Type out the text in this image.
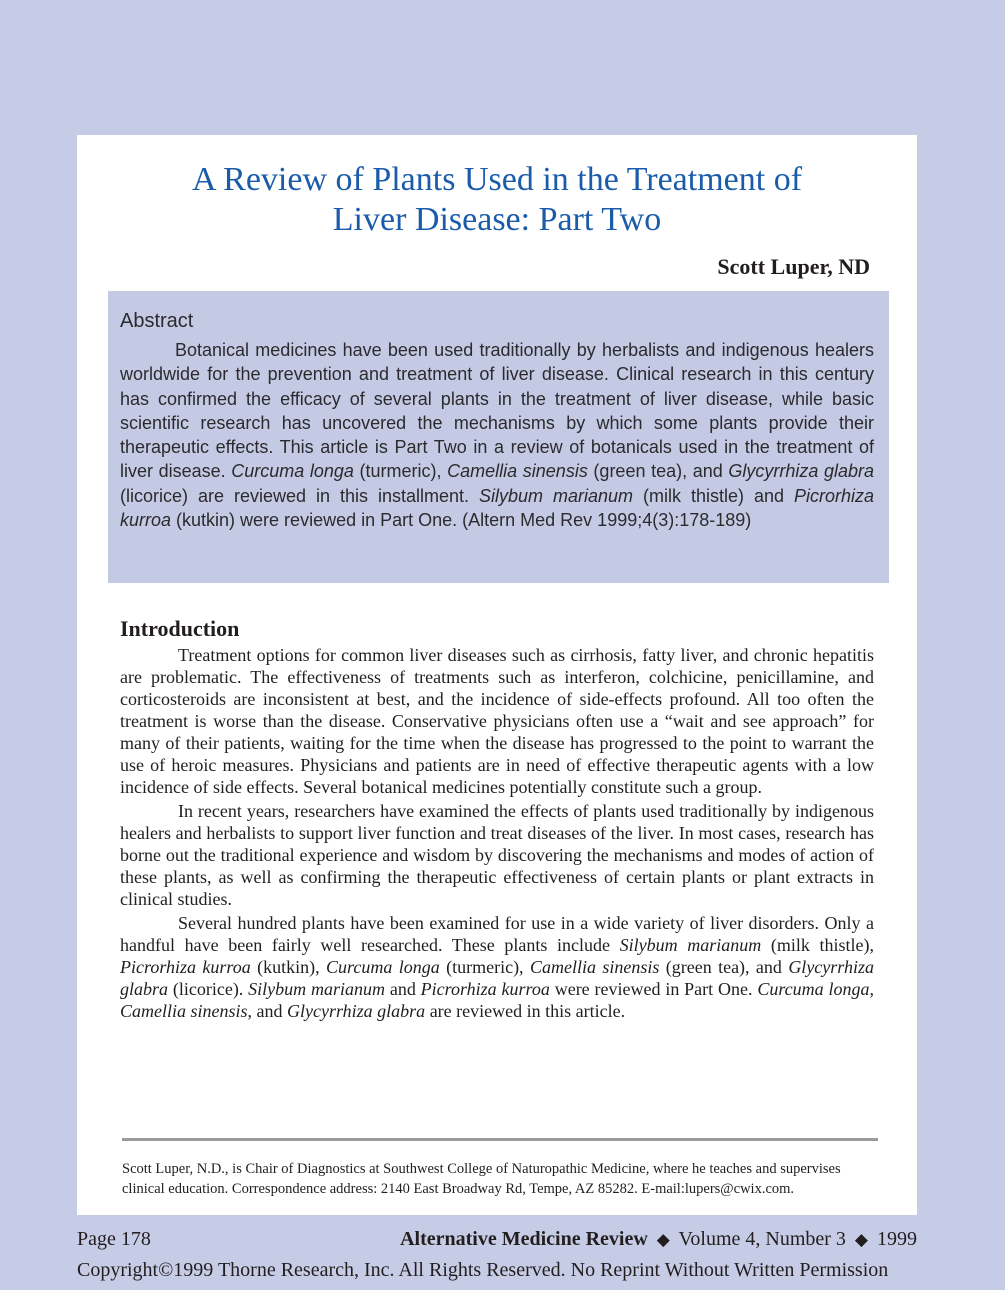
A Review of Plants Used in the Treatment of
Liver Disease: Part Two
Scott Luper, ND
Abstract

Botanical medicines have been used traditionally by herbalists and indigenous healers worldwide for the prevention and treatment of liver disease. Clinical research in this century has confirmed the efficacy of several plants in the treatment of liver disease, while basic scientific research has uncovered the mechanisms by which some plants provide their therapeutic effects. This article is Part Two in a review of botanicals used in the treatment of liver disease. Curcuma longa (turmeric), Camellia sinensis (green tea), and Glycyrrhiza glabra (licorice) are reviewed in this installment. Silybum marianum (milk thistle) and Picrorhiza kurroa (kutkin) were reviewed in Part One. (Altern Med Rev 1999;4(3):178-189)

Introduction

Treatment options for common liver diseases such as cirrhosis, fatty liver, and chronic hepatitis are problematic. The effectiveness of treatments such as interferon, colchicine, penicillamine, and corticosteroids are inconsistent at best, and the incidence of side-effects profound. All too often the treatment is worse than the disease. Conservative physicians often use a “wait and see approach” for many of their patients, waiting for the time when the disease has progressed to the point to warrant the use of heroic measures. Physicians and patients are in need of effective therapeutic agents with a low incidence of side effects. Several botanical medicines potentially constitute such a group.

In recent years, researchers have examined the effects of plants used traditionally by indigenous healers and herbalists to support liver function and treat diseases of the liver. In most cases, research has borne out the traditional experience and wisdom by discovering the mechanisms and modes of action of these plants, as well as confirming the therapeutic effectiveness of certain plants or plant extracts in clinical studies.

Several hundred plants have been examined for use in a wide variety of liver disorders. Only a handful have been fairly well researched. These plants include Silybum marianum (milk thistle), Picrorhiza kurroa (kutkin), Curcuma longa (turmeric), Camellia sinensis (green tea), and Glycyrrhiza glabra (licorice). Silybum marianum and Picrorhiza kurroa were reviewed in Part One. Curcuma longa, Camellia sinensis, and Glycyrrhiza glabra are reviewed in this article.

Scott Luper, N.D., is Chair of Diagnostics at Southwest College of Naturopathic Medicine, where he teaches and supervises clinical education. Correspondence address: 2140 East Broadway Rd, Tempe, AZ 85282. E-mail:lupers@cwix.com.

Page 178	Alternative Medicine Review ◆ Volume 4, Number 3 ◆ 1999
Copyright©1999 Thorne Research, Inc. All Rights Reserved. No Reprint Without Written Permission
